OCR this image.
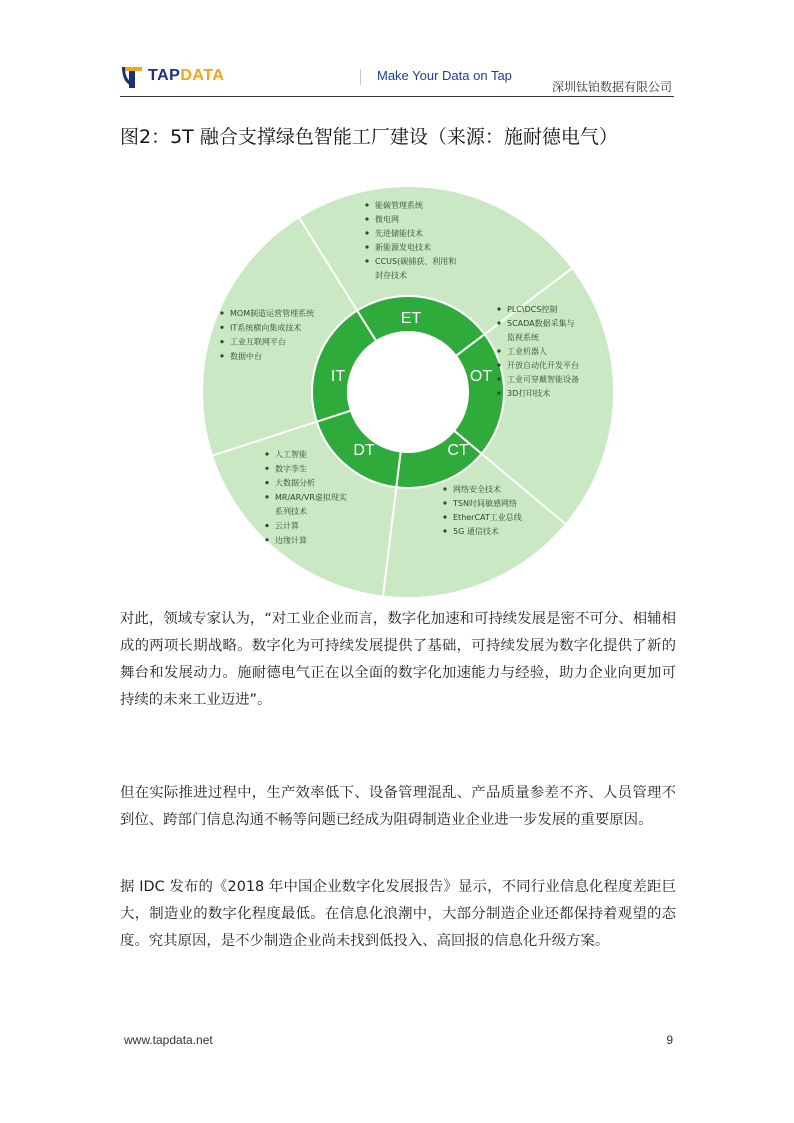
TAPDATA	Make Your Data on Tap
深圳钛铂数据有限公司
图2：5T 融合支撑绿色智能工厂建设（来源：施耐德电气）
ET
OT
CT
DT
IT
能碳管理系统
微电网
先进储能技术
新能源发电技术
CCUS(碳捕获、利用和
封存技术
PLC\DCS控制
SCADA数据采集与
监视系统
工业机器人
开放自动化开发平台
工业可穿戴智能设备
3D打印技术
网络安全技术
TSN时间敏感网络
EtherCAT工业总线
5G 通信技术
人工智能
数字孪生
大数据分析
MR/AR/VR虚拟现实
系列技术
云计算
边缘计算
MOM制造运营管理系统
IT系统横向集成技术
工业互联网平台
数据中台

对此，领域专家认为，“对工业企业而言，数字化加速和可持续发展是密不可分、相辅相成的两项长期战略。数字化为可持续发展提供了基础，可持续发展为数字化提供了新的舞台和发展动力。施耐德电气正在以全面的数字化加速能力与经验，助力企业向更加可持续的未来工业迈进”。

但在实际推进过程中，生产效率低下、设备管理混乱、产品质量参差不齐、人员管理不到位、跨部门信息沟通不畅等问题已经成为阻碍制造业企业进一步发展的重要原因。

据 IDC 发布的《2018 年中国企业数字化发展报告》显示，不同行业信息化程度差距巨大，制造业的数字化程度最低。在信息化浪潮中，大部分制造企业还都保持着观望的态度。究其原因，是不少制造企业尚未找到低投入、高回报的信息化升级方案。

www.tapdata.net	9
